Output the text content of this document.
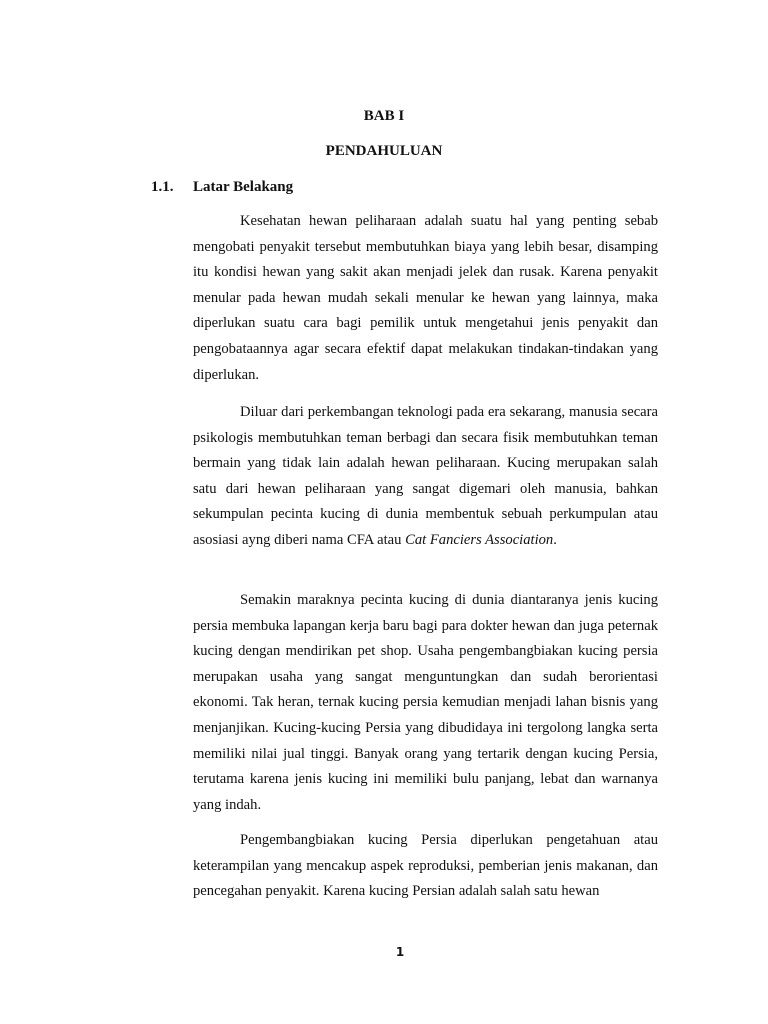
BAB I
PENDAHULUAN
1.1. Latar Belakang

Kesehatan hewan peliharaan adalah suatu hal yang penting sebab mengobati penyakit tersebut membutuhkan biaya yang lebih besar, disamping itu kondisi hewan yang sakit akan menjadi jelek dan rusak. Karena penyakit menular pada hewan mudah sekali menular ke hewan yang lainnya, maka diperlukan suatu cara bagi pemilik untuk mengetahui jenis penyakit dan pengobataannya agar secara efektif dapat melakukan tindakan-tindakan yang diperlukan.

Diluar dari perkembangan teknologi pada era sekarang, manusia secara psikologis membutuhkan teman berbagi dan secara fisik membutuhkan teman bermain yang tidak lain adalah hewan peliharaan. Kucing merupakan salah satu dari hewan peliharaan yang sangat digemari oleh manusia, bahkan sekumpulan pecinta kucing di dunia membentuk sebuah perkumpulan atau asosiasi ayng diberi nama CFA atau Cat Fanciers Association.

Semakin maraknya pecinta kucing di dunia diantaranya jenis kucing persia membuka lapangan kerja baru bagi para dokter hewan dan juga peternak kucing dengan mendirikan pet shop. Usaha pengembangbiakan kucing persia merupakan usaha yang sangat menguntungkan dan sudah berorientasi ekonomi. Tak heran, ternak kucing persia kemudian menjadi lahan bisnis yang menjanjikan. Kucing-kucing Persia yang dibudidaya ini tergolong langka serta memiliki nilai jual tinggi. Banyak orang yang tertarik dengan kucing Persia, terutama karena jenis kucing ini memiliki bulu panjang, lebat dan warnanya yang indah.

Pengembangbiakan kucing Persia diperlukan pengetahuan atau keterampilan yang mencakup aspek reproduksi, pemberian jenis makanan, dan pencegahan penyakit. Karena kucing Persian adalah salah satu hewan

1
